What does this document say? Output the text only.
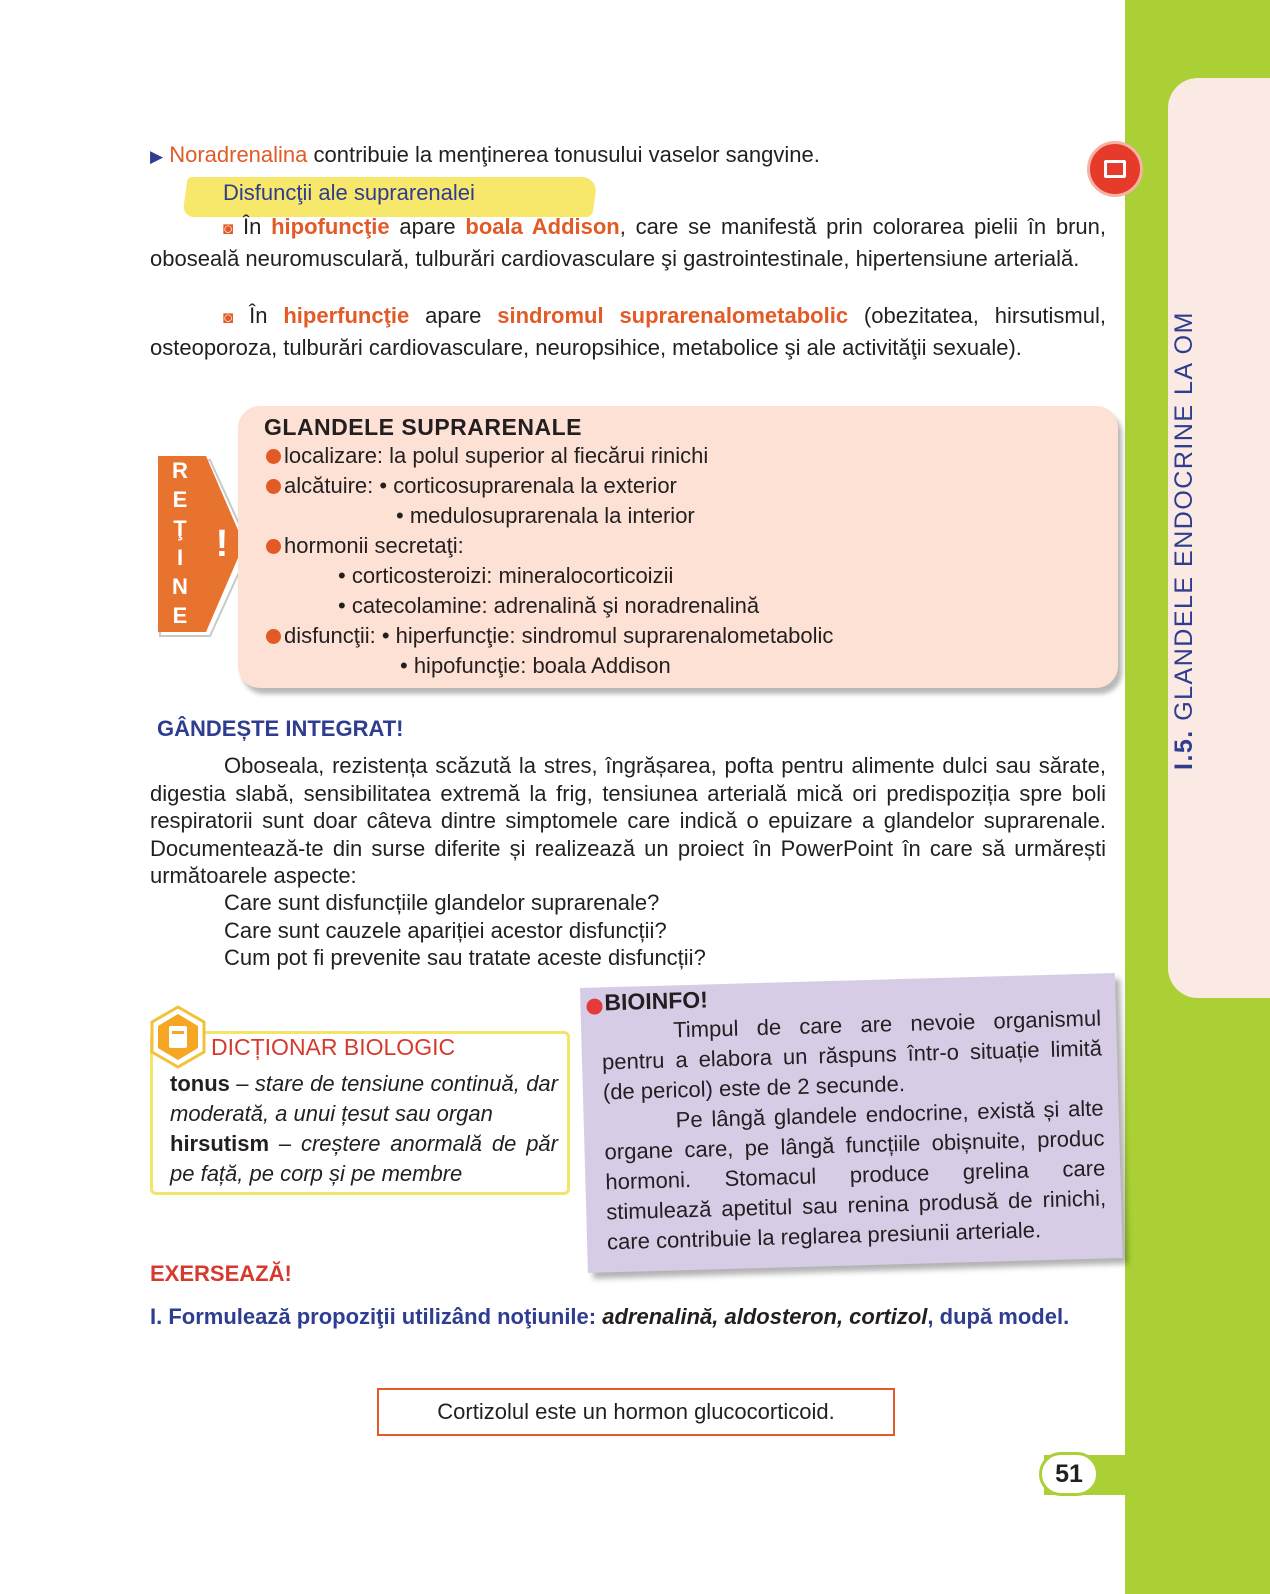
I.5. GLANDELE ENDOCRINE LA OM
▶ Noradrenalina contribuie la menţinerea tonusului vaselor sangvine.
Disfuncţii ale suprarenalei
◙ În hipofuncţie apare boala Addison, care se manifestă prin colorarea pielii în brun, oboseală neuromusculară, tulburări cardiovasculare şi gastrointestinale, hipertensiune arterială.
◙ În hiperfuncţie apare sindromul suprarenalometabolic (obezitatea, hirsutismul, osteoporoza, tulburări cardiovasculare, neuropsihice, metabolice şi ale activităţii sexuale).
R
E
Ţ
I
N
E
!
GLANDELE SUPRARENALE
localizare: la polul superior al fiecărui rinichi
alcătuire: • corticosuprarenala la exterior
• medulosuprarenala la interior
hormonii secretaţi:
• corticosteroizi: mineralocorticoizii
• catecolamine: adrenalină şi noradrenalină
disfuncţii: • hiperfuncţie: sindromul suprarenalometabolic
• hipofuncţie: boala Addison
GÂNDEȘTE INTEGRAT!
Oboseala, rezistența scăzută la stres, îngrășarea, pofta pentru alimente dulci sau sărate, digestia slabă, sensibilitatea extremă la frig, tensiunea arterială mică ori predispoziția spre boli respiratorii sunt doar câteva dintre simptomele care indică o epuizare a glandelor suprarenale. Documentează-te din surse diferite și realizează un proiect în PowerPoint în care să urmărești următoarele aspecte:
Care sunt disfuncțiile glandelor suprarenale?
Care sunt cauzele apariției acestor disfuncții?
Cum pot fi prevenite sau tratate aceste disfuncții?
DICȚIONAR BIOLOGIC
tonus – stare de tensiune continuă, dar moderată, a unui țesut sau organ
hirsutism – creștere anormală de păr pe față, pe corp și pe membre
BIOINFO!
Timpul de care are nevoie organismul pentru a elabora un răspuns într-o situație limită (de pericol) este de 2 secunde.
Pe lângă glandele endocrine, există și alte organe care, pe lângă funcțiile obișnuite, produc hormoni. Stomacul produce grelina care stimulează apetitul sau renina produsă de rinichi, care contribuie la reglarea presiunii arteriale.
EXERSEAZĂ!
I. Formulează propoziţii utilizând noţiunile: adrenalină, aldosteron, cortizol, după model.
Cortizolul este un hormon glucocorticoid.
51
